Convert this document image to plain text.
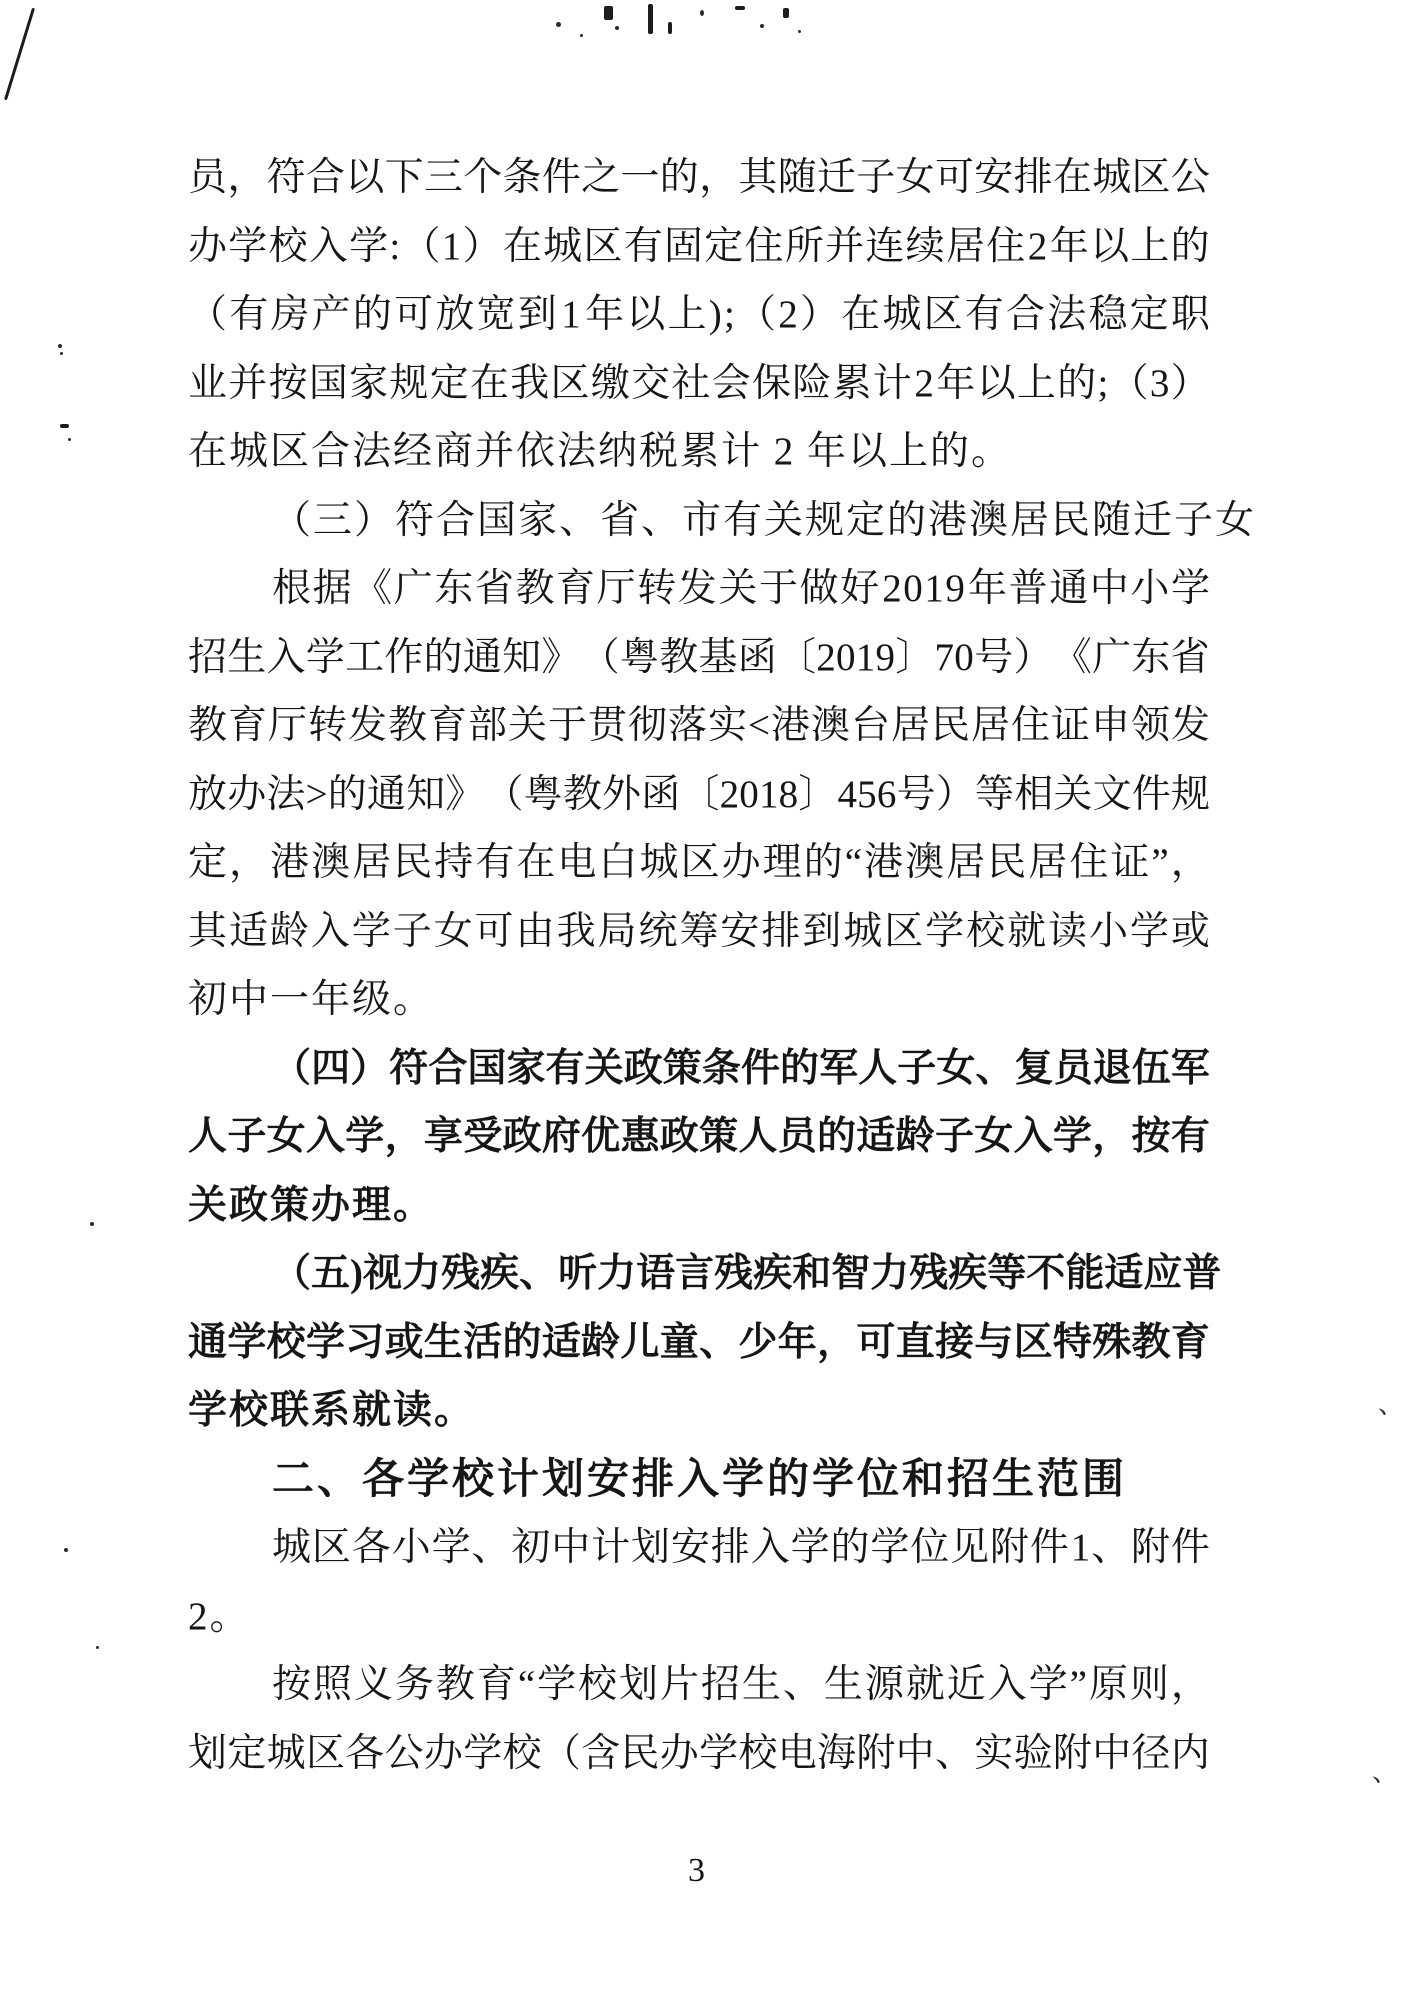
、
、
员 ， 符 合 以 下 三 个 条 件 之 一 的 ， 其 随 迁 子 女 可 安 排 在 城 区 公
办 学 校 入 学 : （ 1 ） 在 城 区 有 固 定 住 所 并 连 续 居 住 2 年 以 上 的
（ 有 房 产 的 可 放 宽 到 1 年 以 上 ) ; （ 2 ） 在 城 区 有 合 法 稳 定 职
业 并 按 国 家 规 定 在 我 区 缴 交 社 会 保 险 累 计 2 年 以 上 的 ; （ 3 ）
在城区合法经商并依法纳税累计 2 年以上的。
（三）符合国家、省、市有关规定的港澳居民随迁子女
根 据 《 广 东 省 教 育 厅 转 发 关 于 做 好 2 0 1 9 年 普 通 中 小 学
招 生 入 学 工 作 的 通 知 》 （ 粤 教 基 函 〔 2 0 1 9 〕 7 0 号 ） 《 广 东 省
教 育 厅 转 发 教 育 部 关 于 贯 彻 落 实 < 港 澳 台 居 民 居 住 证 申 领 发
放 办 法 > 的 通 知 》 （ 粤 教 外 函 〔 2 0 1 8 〕 4 5 6 号 ） 等 相 关 文 件 规
定 ， 港 澳 居 民 持 有 在 电 白 城 区 办 理 的 “ 港 澳 居 民 居 住 证 ” ，
其 适 龄 入 学 子 女 可 由 我 局 统 筹 安 排 到 城 区 学 校 就 读 小 学 或
初中一年级。
（ 四 ） 符 合 国 家 有 关 政 策 条 件 的 军 人 子 女 、 复 员 退 伍 军
人 子 女 入 学 ， 享 受 政 府 优 惠 政 策 人 员 的 适 龄 子 女 入 学 ， 按 有
关政策办理。
（ 五 ) 视 力 残 疾 、 听 力 语 言 残 疾 和 智 力 残 疾 等 不 能 适 应 普
通 学 校 学 习 或 生 活 的 适 龄 儿 童 、 少 年 ， 可 直 接 与 区 特 殊 教 育
学校联系就读。
二、各学校计划安排入学的学位和招生范围
城 区 各 小 学 、 初 中 计 划 安 排 入 学 的 学 位 见 附 件 1 、 附 件
2。
按 照 义 务 教 育 “ 学 校 划 片 招 生 、 生 源 就 近 入 学 ” 原 则 ，
划 定 城 区 各 公 办 学 校 （ 含 民 办 学 校 电 海 附 中 、 实 验 附 中 径 内
3
